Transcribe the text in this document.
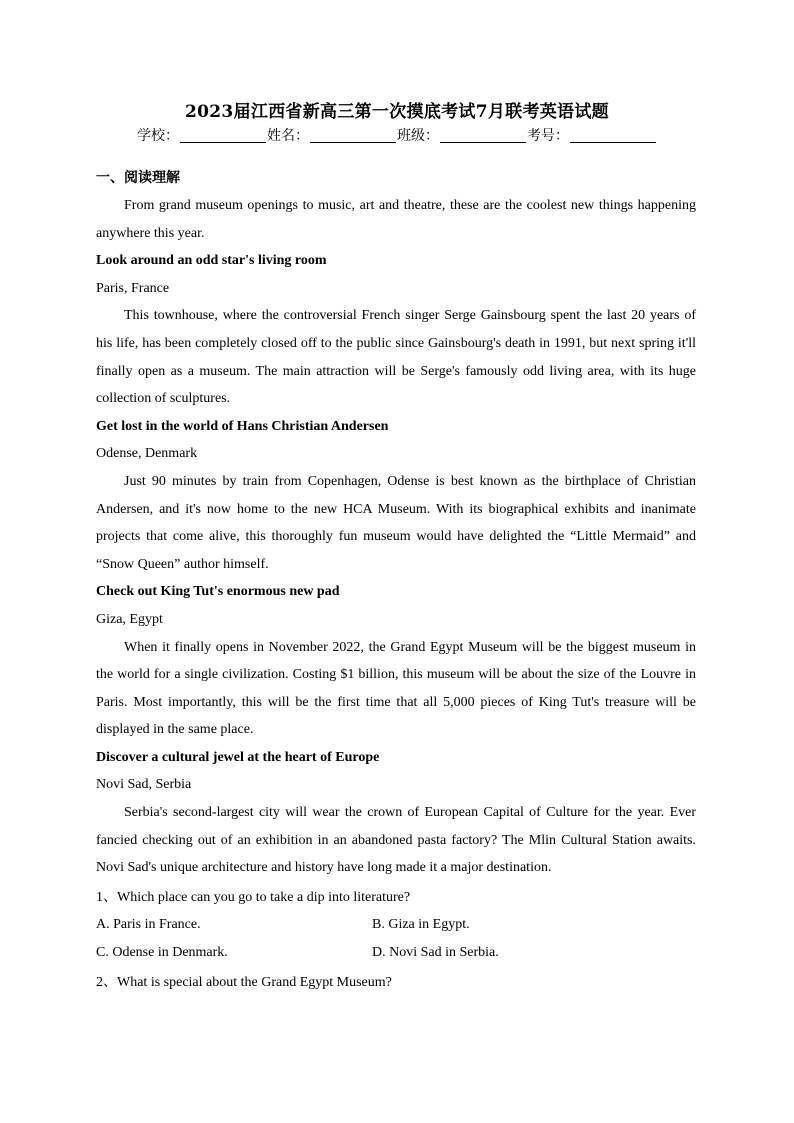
2023届江西省新高三第一次摸底考试7月联考英语试题
学校：	姓名：	班级：	考号：
一、阅读理解

From grand museum openings to music, art and theatre, these are the coolest new things happening anywhere this year.

Look around an odd star's living room

Paris, France

This townhouse, where the controversial French singer Serge Gainsbourg spent the last 20 years of his life, has been completely closed off to the public since Gainsbourg's death in 1991, but next spring it'll finally open as a museum. The main attraction will be Serge's famously odd living area, with its huge collection of sculptures.

Get lost in the world of Hans Christian Andersen

Odense, Denmark

Just 90 minutes by train from Copenhagen, Odense is best known as the birthplace of Christian Andersen, and it's now home to the new HCA Museum. With its biographical exhibits and inanimate projects that come alive, this thoroughly fun museum would have delighted the “Little Mermaid” and “Snow Queen” author himself.

Check out King Tut's enormous new pad

Giza, Egypt

When it finally opens in November 2022, the Grand Egypt Museum will be the biggest museum in the world for a single civilization. Costing $1 billion, this museum will be about the size of the Louvre in Paris. Most importantly, this will be the first time that all 5,000 pieces of King Tut's treasure will be displayed in the same place.

Discover a cultural jewel at the heart of Europe

Novi Sad, Serbia

Serbia's second-largest city will wear the crown of European Capital of Culture for the year. Ever fancied checking out of an exhibition in an abandoned pasta factory? The Mlin Cultural Station awaits. Novi Sad's unique architecture and history have long made it a major destination.

1、Which place can you go to take a dip into literature?

A. Paris in France.	B. Giza in Egypt.
C. Odense in Denmark.	D. Novi Sad in Serbia.

2、What is special about the Grand Egypt Museum?
